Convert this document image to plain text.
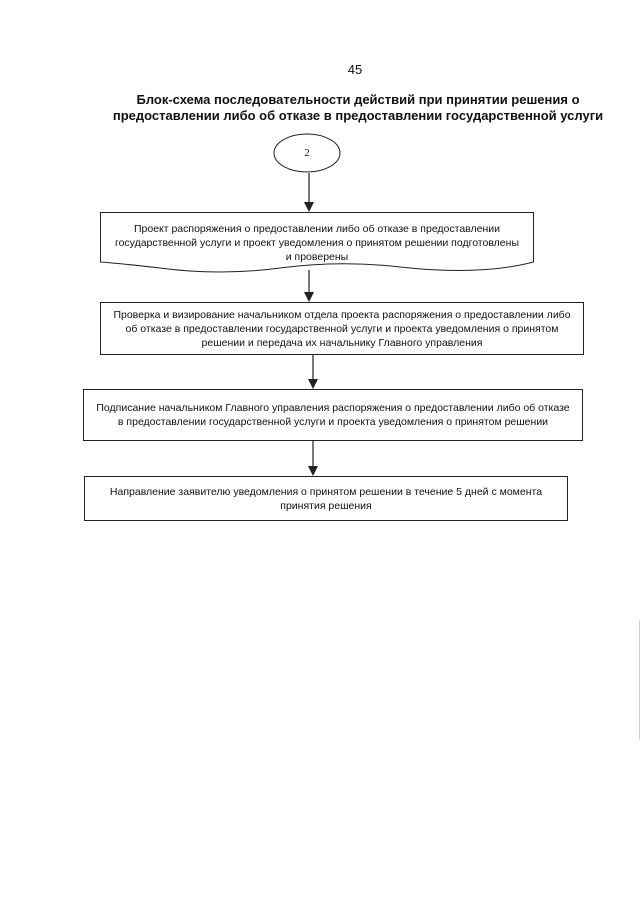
45
Блок-схема последовательности действий при принятии решения о
предоставлении либо об отказе в предоставлении государственной услуги
2
Проект распоряжения о предоставлении либо об отказе в предоставлении государственной услуги и проект уведомления о принятом решении подготовлены и проверены
Проверка и визирование начальником отдела проекта распоряжения о предоставлении либо об отказе в предоставлении государственной услуги и проекта уведомления о принятом решении и передача их начальнику Главного управления
Подписание начальником Главного управления распоряжения о предоставлении либо об отказе в предоставлении государственной услуги и проекта уведомления о принятом решении
Направление заявителю уведомления о принятом решении в течение 5 дней с момента принятия решения
